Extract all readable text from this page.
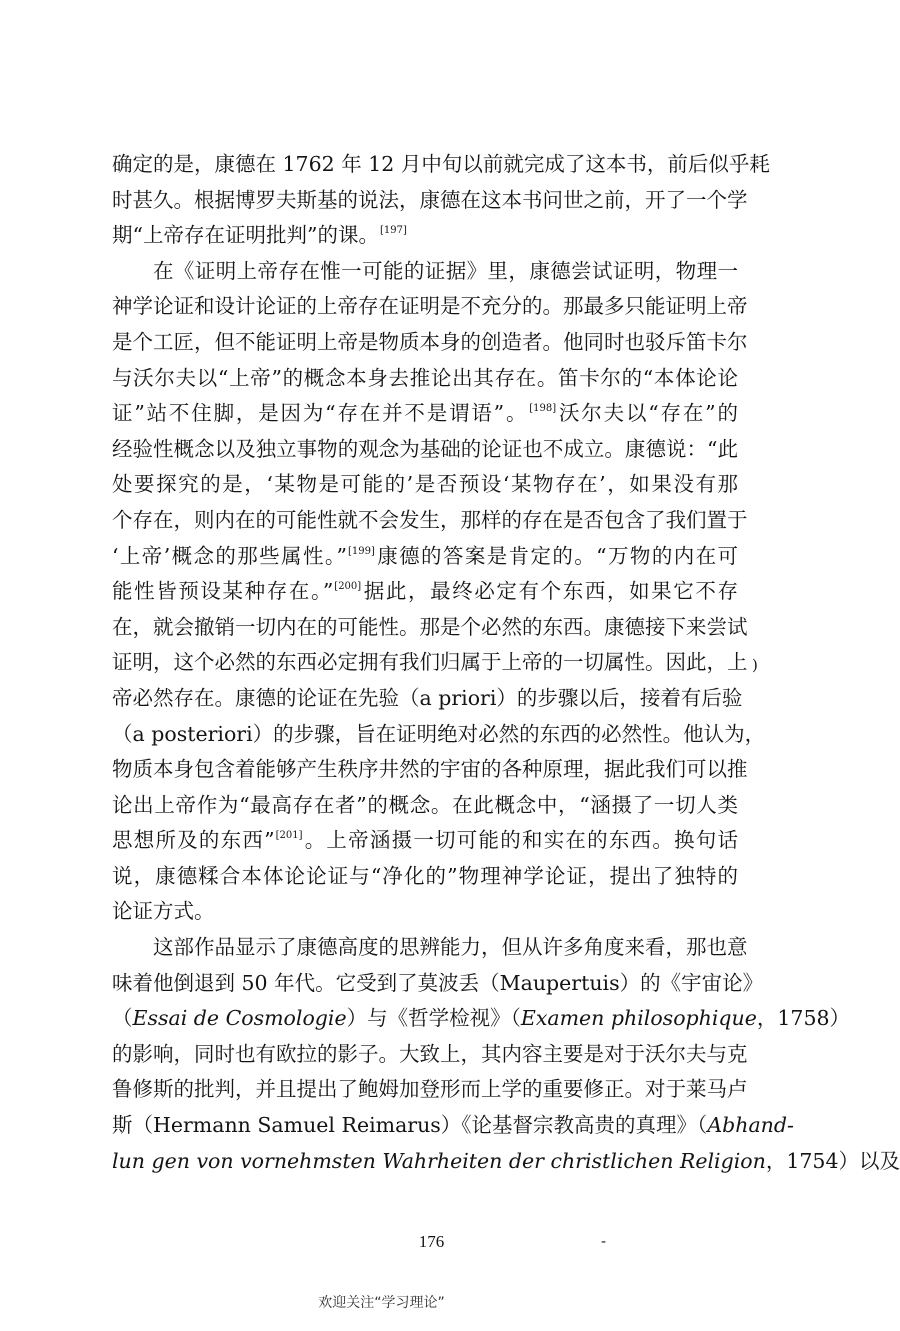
确定的是，康德在 1762 年 12 月中旬以前就完成了这本书，前后似乎耗
时甚久。根据博罗夫斯基的说法，康德在这本书问世之前，开了一个学
期“上帝存在证明批判”的课。[197]
在《证明上帝存在惟一可能的证据》里，康德尝试证明，物理一
神学论证和设计论证的上帝存在证明是不充分的。那最多只能证明上帝
是个工匠，但不能证明上帝是物质本身的创造者。他同时也驳斥笛卡尔
与沃尔夫以“上帝”的概念本身去推论出其存在。笛卡尔的“本体论论
证”站不住脚，是因为“存在并不是谓语”。[198]沃尔夫以“存在”的
经验性概念以及独立事物的观念为基础的论证也不成立。康德说：“此
处要探究的是，‘某物是可能的’是否预设‘某物存在’，如果没有那
个存在，则内在的可能性就不会发生，那样的存在是否包含了我们置于
‘上帝’概念的那些属性。”[199]康德的答案是肯定的。“万物的内在可
能性皆预设某种存在。”[200]据此，最终必定有个东西，如果它不存
在，就会撤销一切内在的可能性。那是个必然的东西。康德接下来尝试
证明，这个必然的东西必定拥有我们归属于上帝的一切属性。因此，上
帝必然存在。康德的论证在先验（a priori）的步骤以后，接着有后验
（a posteriori）的步骤，旨在证明绝对必然的东西的必然性。他认为，
物质本身包含着能够产生秩序井然的宇宙的各种原理，据此我们可以推
论出上帝作为“最高存在者”的概念。在此概念中，“涵摄了一切人类
思想所及的东西”[201]。上帝涵摄一切可能的和实在的东西。换句话
说，康德糅合本体论论证与“净化的”物理神学论证，提出了独特的
论证方式。
这部作品显示了康德高度的思辨能力，但从许多角度来看，那也意
味着他倒退到 50 年代。它受到了莫波丢（Maupertuis）的《宇宙论》
（Essai de Cosmologie）与《哲学检视》（Examen philosophique，1758）
的影响，同时也有欧拉的影子。大致上，其内容主要是对于沃尔夫与克
鲁修斯的批判，并且提出了鲍姆加登形而上学的重要修正。对于莱马卢
斯（Hermann Samuel Reimarus）《论基督宗教高贵的真理》（Abhand-
lun gen von vornehmsten Wahrheiten der christlichen Religion，1754）以及
176	-
)
欢迎关注“学习理论”
